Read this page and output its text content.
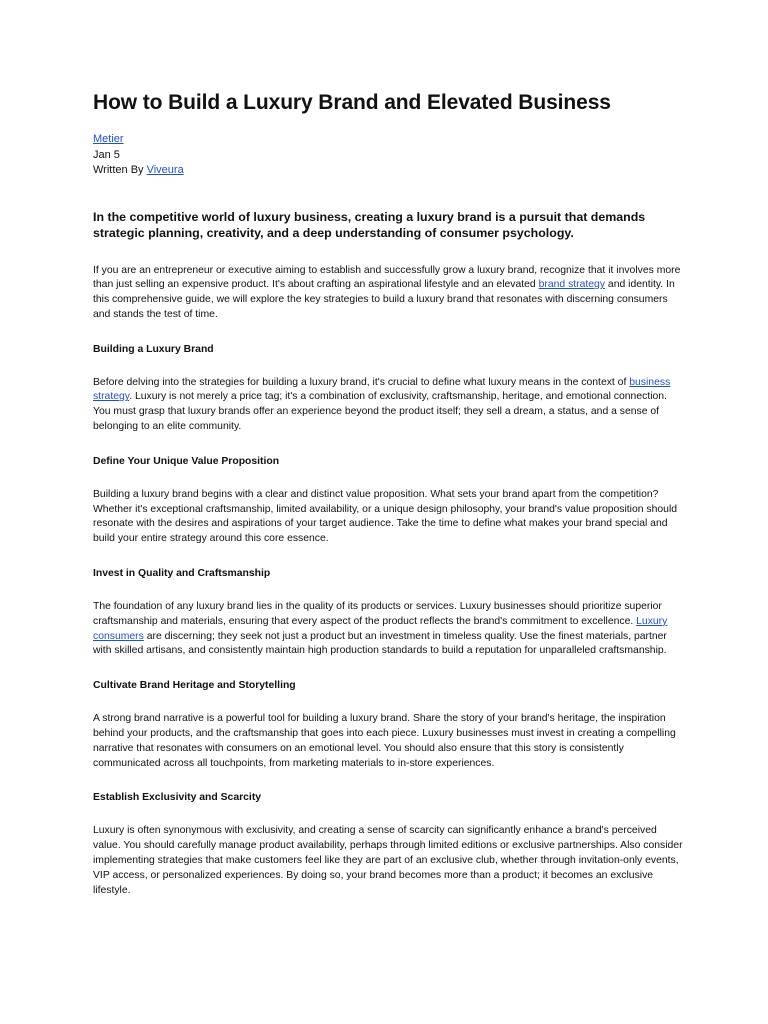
How to Build a Luxury Brand and Elevated Business
Metier
Jan 5
Written By Viveura
In the competitive world of luxury business, creating a luxury brand is a pursuit that demands strategic planning, creativity, and a deep understanding of consumer psychology.

If you are an entrepreneur or executive aiming to establish and successfully grow a luxury brand, recognize that it involves more than just selling an expensive product. It's about crafting an aspirational lifestyle and an elevated brand strategy and identity. In this comprehensive guide, we will explore the key strategies to build a luxury brand that resonates with discerning consumers and stands the test of time.

Building a Luxury Brand

Before delving into the strategies for building a luxury brand, it's crucial to define what luxury means in the context of business strategy. Luxury is not merely a price tag; it's a combination of exclusivity, craftsmanship, heritage, and emotional connection. You must grasp that luxury brands offer an experience beyond the product itself; they sell a dream, a status, and a sense of belonging to an elite community.

Define Your Unique Value Proposition

Building a luxury brand begins with a clear and distinct value proposition. What sets your brand apart from the competition? Whether it's exceptional craftsmanship, limited availability, or a unique design philosophy, your brand's value proposition should resonate with the desires and aspirations of your target audience. Take the time to define what makes your brand special and build your entire strategy around this core essence.

Invest in Quality and Craftsmanship

The foundation of any luxury brand lies in the quality of its products or services. Luxury businesses should prioritize superior craftsmanship and materials, ensuring that every aspect of the product reflects the brand's commitment to excellence. Luxury consumers are discerning; they seek not just a product but an investment in timeless quality. Use the finest materials, partner with skilled artisans, and consistently maintain high production standards to build a reputation for unparalleled craftsmanship.

Cultivate Brand Heritage and Storytelling

A strong brand narrative is a powerful tool for building a luxury brand. Share the story of your brand's heritage, the inspiration behind your products, and the craftsmanship that goes into each piece. Luxury businesses must invest in creating a compelling narrative that resonates with consumers on an emotional level. You should also ensure that this story is consistently communicated across all touchpoints, from marketing materials to in-store experiences.

Establish Exclusivity and Scarcity

Luxury is often synonymous with exclusivity, and creating a sense of scarcity can significantly enhance a brand's perceived value. You should carefully manage product availability, perhaps through limited editions or exclusive partnerships. Also consider implementing strategies that make customers feel like they are part of an exclusive club, whether through invitation-only events, VIP access, or personalized experiences. By doing so, your brand becomes more than a product; it becomes an exclusive lifestyle.
